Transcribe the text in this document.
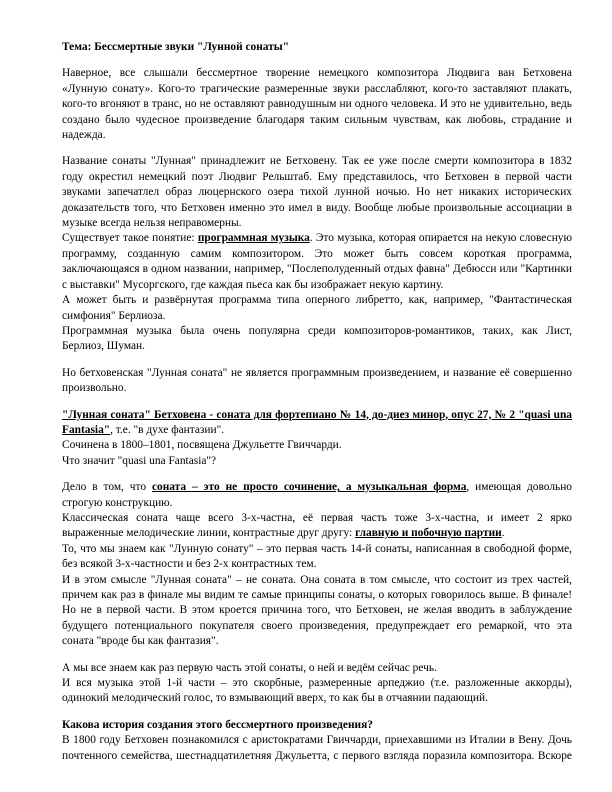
Тема: Бессмертные звуки "Лунной сонаты"

Наверное, все слышали бессмертное творение немецкого композитора Людвига ван Бетховена
«Лунную сонату». Кого-то трагические размеренные звуки расслабляют, кого-то заставляют плакать,
кого-то вгоняют в транс, но не оставляют равнодушным ни одного человека. И это не удивительно, ведь
создано было чудесное произведение благодаря таким сильным чувствам, как любовь, страдание и
надежда.

Название сонаты "Лунная" принадлежит не Бетховену. Так ее уже после смерти композитора в 1832
году окрестил немецкий поэт Людвиг Рельштаб. Ему представилось, что Бетховен в первой части
звуками запечатлел образ люцернского озера тихой лунной ночью. Но нет никаких исторических
доказательств того, что Бетховен именно это имел в виду. Вообще любые произвольные ассоциации в
музыке всегда нельзя неправомерны.

Существует такое понятие: программная музыка. Это музыка, которая опирается на некую словесную
программу, созданную самим композитором. Это может быть совсем короткая программа,
заключающаяся в одном названии, например, "Послеполуденный отдых фавна" Дебюсси или "Картинки
с выставки" Мусоргского, где каждая пьеса как бы изображает некую картину.

А может быть и развёрнутая программа типа оперного либретто, как, например, "Фантастическая
симфония" Берлиоза.

Программная музыка была очень популярна среди композиторов-романтиков, таких, как Лист,
Берлиоз, Шуман.

Но бетховенская "Лунная соната" не является программным произведением, и название её совершенно
произвольно.

"Лунная соната" Бетховена - соната для фортепиано № 14, до-диез минор, опус 27, № 2 "quasi una
Fantasia", т.е. "в духе фантазии".

Сочинена в 1800–1801, посвящена Джульетте Гвиччарди.

Что значит "quasi una Fantasia"?

Дело в том, что соната – это не просто сочинение, а музыкальная форма, имеющая довольно
строгую конструкцию.

Классическая соната чаще всего 3-х-частна, её первая часть тоже 3-х-частна, и имеет 2 ярко
выраженные мелодические линии, контрастные друг другу: главную и побочную партии.

То, что мы знаем как "Лунную сонату" – это первая часть 14-й сонаты, написанная в свободной форме,
без всякой 3-х-частности и без 2-х контрастных тем.

И в этом смысле "Лунная соната" – не соната. Она соната в том смысле, что состоит из трех частей,
причем как раз в финале мы видим те самые принципы сонаты, о которых говорилось выше. В финале!
Но не в первой части. В этом кроется причина того, что Бетховен, не желая вводить в заблуждение
будущего потенциального покупателя своего произведения, предупреждает его ремаркой, что эта
соната "вроде бы как фантазия".

А мы все знаем как раз первую часть этой сонаты, о ней и ведём сейчас речь.

И вся музыка этой 1-й части – это скорбные, размеренные арпеджио (т.е. разложенные аккорды),
одинокий мелодический голос, то взмывающий вверх, то как бы в отчаянии падающий.

Какова история создания этого бессмертного произведения?

В 1800 году Бетховен познакомился с аристократами Гвиччарди, приехавшими из Италии в Вену. Дочь
почтенного семейства, шестнадцатилетняя Джульетта, с первого взгляда поразила композитора. Вскоре
